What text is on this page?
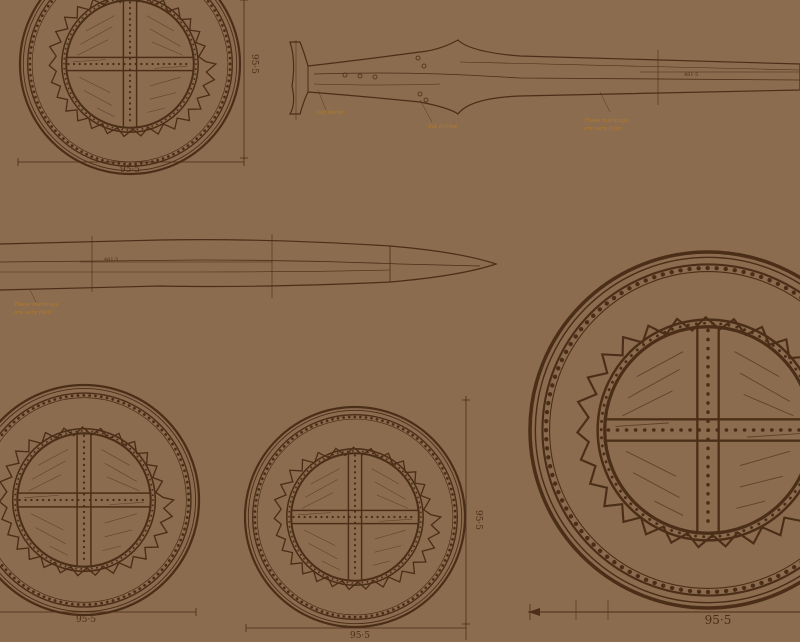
95·5
95·5
481·5
Dot found
not drilled
These markings
are very faint
481·5
These markings
are very faint
95·5
95·5
95·5
95·5
